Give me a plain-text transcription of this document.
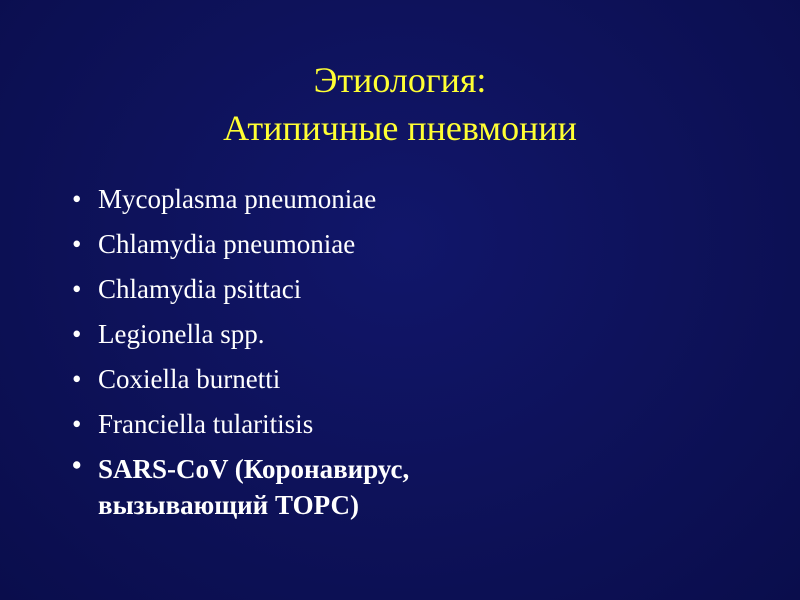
Этиология:
Атипичные пневмонии
• Mycoplasma pneumoniae
• Chlamydia pneumoniae
• Chlamydia psittaci
• Legionella spp.
• Coxiella burnetti
• Franciella tularitisis
• SARS-CoV (Коронавирус,
вызывающий ТОРС)
